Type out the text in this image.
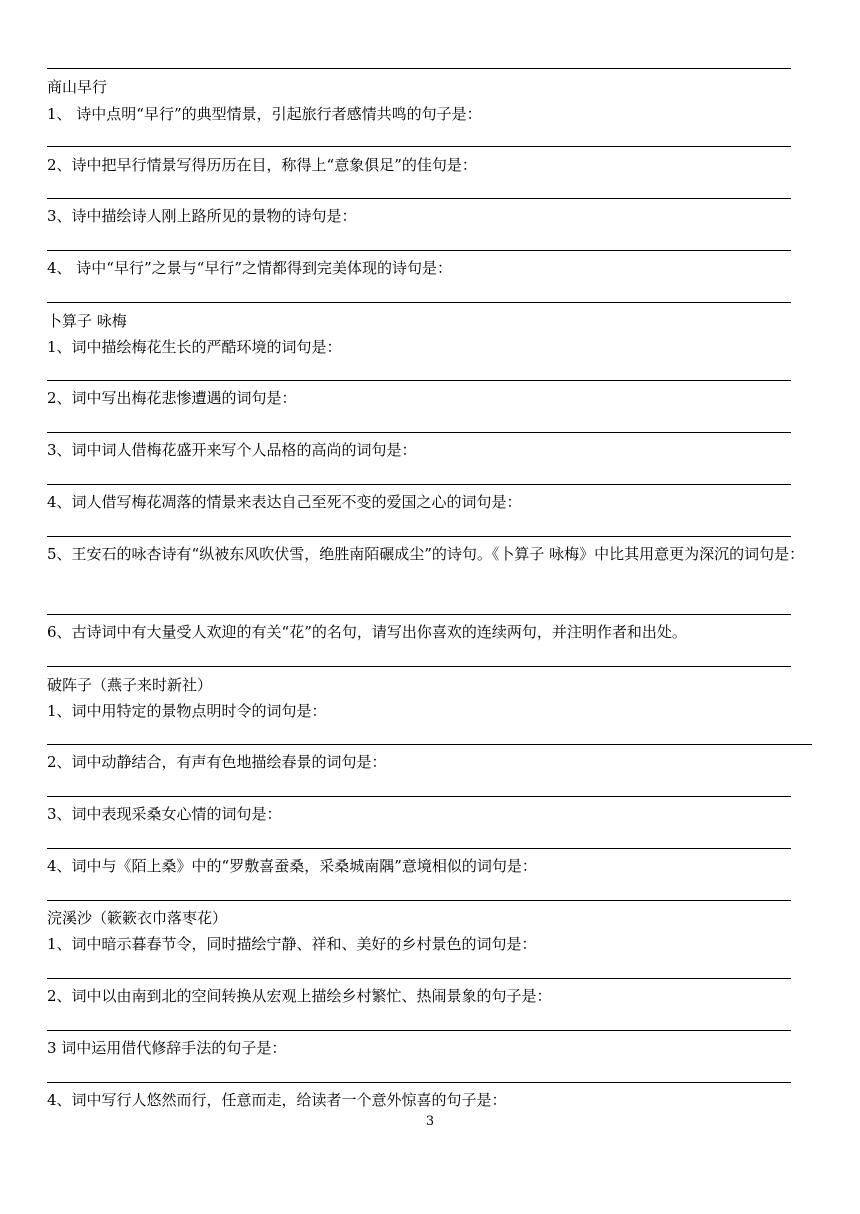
商山早行
1、 诗中点明“早行”的典型情景，引起旅行者感情共鸣的句子是：
2、诗中把早行情景写得历历在目，称得上“意象俱足”的佳句是：
3、诗中描绘诗人刚上路所见的景物的诗句是：
4、 诗中“早行”之景与“早行”之情都得到完美体现的诗句是：
卜算子 咏梅
1、词中描绘梅花生长的严酷环境的词句是：
2、词中写出梅花悲惨遭遇的词句是：
3、词中词人借梅花盛开来写个人品格的高尚的词句是：
4、词人借写梅花凋落的情景来表达自己至死不变的爱国之心的词句是：
5、王安石的咏杏诗有“纵被东风吹伏雪，绝胜南陌碾成尘”的诗句。《卜算子 咏梅》中比其用意更为深沉的词句是：
6、古诗词中有大量受人欢迎的有关“花”的名句，请写出你喜欢的连续两句，并注明作者和出处。
破阵子（燕子来时新社）
1、词中用特定的景物点明时令的词句是：
2、词中动静结合，有声有色地描绘春景的词句是：
3、词中表现采桑女心情的词句是：
4、词中与《陌上桑》中的“罗敷喜蚕桑，采桑城南隅”意境相似的词句是：
浣溪沙（簌簌衣巾落枣花）
1、词中暗示暮春节令，同时描绘宁静、祥和、美好的乡村景色的词句是：
2、词中以由南到北的空间转换从宏观上描绘乡村繁忙、热闹景象的句子是：
3 词中运用借代修辞手法的句子是：
4、词中写行人悠然而行，任意而走，给读者一个意外惊喜的句子是：
3
